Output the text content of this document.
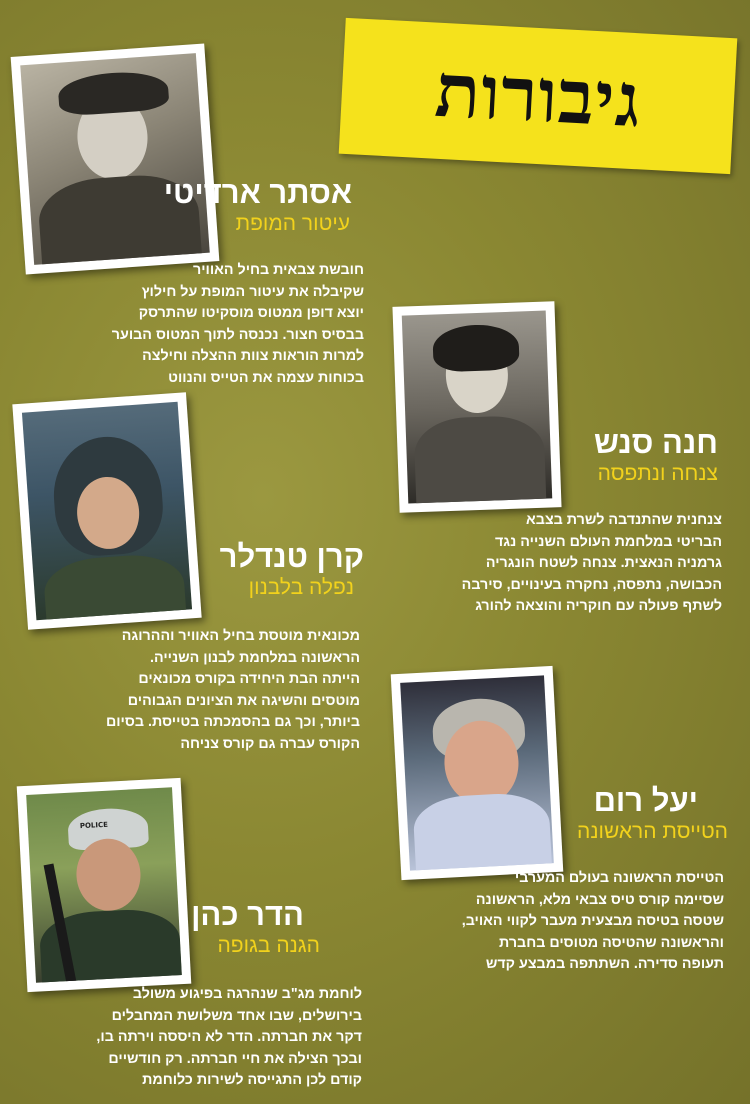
גיבורות
אסתר ארדיטי
עיטור המופת
חובשת צבאית בחיל האוויר
שקיבלה את עיטור המופת על חילוץ
יוצא דופן ממטוס מוסקיטו שהתרסק
בבסיס חצור. נכנסה לתוך המטוס הבוער
למרות הוראות צוות ההצלה וחילצה
בכוחות עצמה את הטייס והנווט
חנה סנש
צנחה ונתפסה
צנחנית שהתנדבה לשרת בצבא
הבריטי במלחמת העולם השנייה נגד
גרמניה הנאצית. צנחה לשטח הונגריה
הכבושה, נתפסה, נחקרה בעינויים, סירבה
לשתף פעולה עם חוקריה והוצאה להורג
קרן טנדלר
נפלה בלבנון
מכונאית מוטסת בחיל האוויר וההרוגה
הראשונה במלחמת לבנון השנייה.
הייתה הבת היחידה בקורס מכונאים
מוטסים והשיגה את הציונים הגבוהים
ביותר, וכך גם בהסמכתה בטייסת. בסיום
הקורס עברה גם קורס צניחה
יעל רום
הטייסת הראשונה
הטייסת הראשונה בעולם המערבי
שסיימה קורס טיס צבאי מלא, הראשונה
שטסה בטיסה מבצעית מעבר לקווי האויב,
והראשונה שהטיסה מטוסים בחברת
תעופה סדירה. השתתפה במבצע קדש
POLICE
הדר כהן
הגנה בגופה
לוחמת מג"ב שנהרגה בפיגוע משולב
בירושלים, שבו אחד משלושת המחבלים
דקר את חברתה. הדר לא היססה וירתה בו,
ובכך הצילה את חיי חברתה. רק חודשיים
קודם לכן התגייסה לשירות כלוחמת
